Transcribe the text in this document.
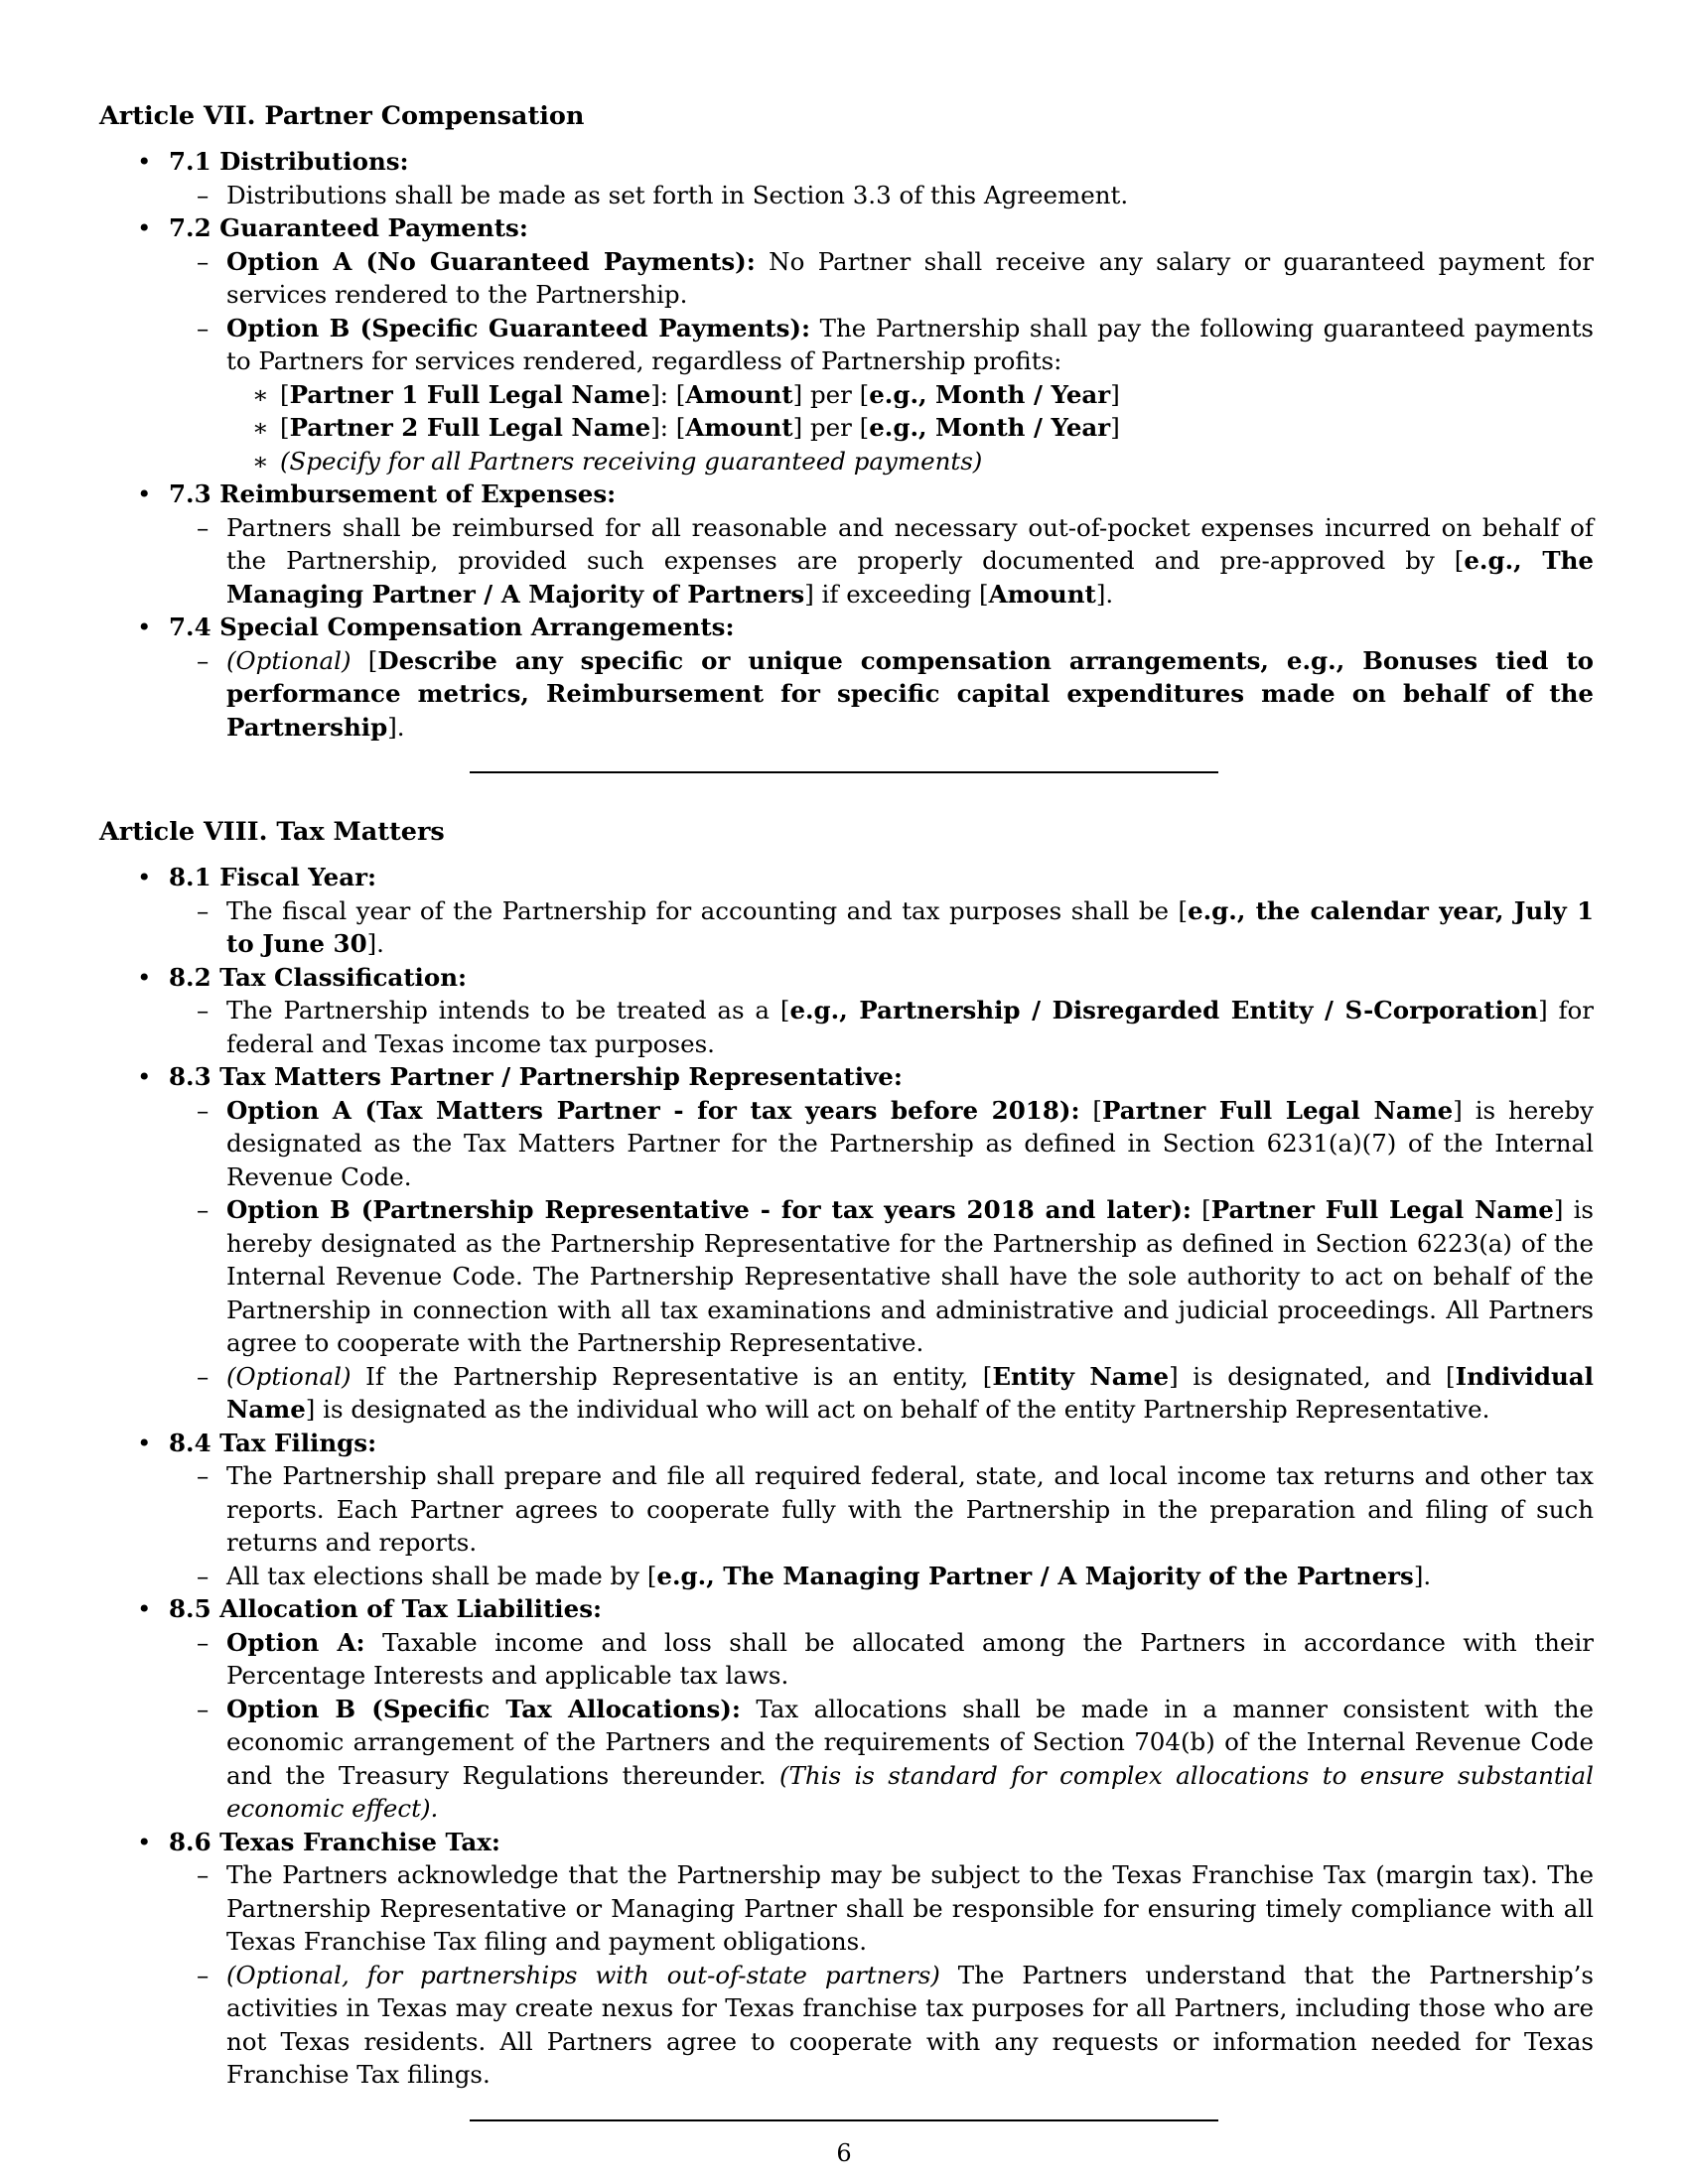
Article VII. Partner Compensation
• 7.1 Distributions:
– Distributions shall be made as set forth in Section 3.3 of this Agreement.
• 7.2 Guaranteed Payments:
– Option A (No Guaranteed Payments): No Partner shall receive any salary or guaranteed payment for services rendered to the Partnership.
– Option B (Specific Guaranteed Payments): The Partnership shall pay the following guaranteed payments to Partners for services rendered, regardless of Partnership profits:
∗ [Partner 1 Full Legal Name]: [Amount] per [e.g., Month / Year]
∗ [Partner 2 Full Legal Name]: [Amount] per [e.g., Month / Year]
∗ (Specify for all Partners receiving guaranteed payments)
• 7.3 Reimbursement of Expenses:
– Partners shall be reimbursed for all reasonable and necessary out-of-pocket expenses incurred on behalf of the Partnership, provided such expenses are properly documented and pre-approved by [e.g., The Managing Partner / A Majority of Partners] if exceeding [Amount].
• 7.4 Special Compensation Arrangements:
– (Optional) [Describe any specific or unique compensation arrangements, e.g., Bonuses tied to performance metrics, Reimbursement for specific capital expenditures made on behalf of the Partnership].
Article VIII. Tax Matters
• 8.1 Fiscal Year:
– The fiscal year of the Partnership for accounting and tax purposes shall be [e.g., the calendar year, July 1 to June 30].
• 8.2 Tax Classification:
– The Partnership intends to be treated as a [e.g., Partnership / Disregarded Entity / S-Corporation] for federal and Texas income tax purposes.
• 8.3 Tax Matters Partner / Partnership Representative:
– Option A (Tax Matters Partner - for tax years before 2018): [Partner Full Legal Name] is hereby designated as the Tax Matters Partner for the Partnership as defined in Section 6231(a)(7) of the Internal Revenue Code.
– Option B (Partnership Representative - for tax years 2018 and later): [Partner Full Legal Name] is hereby designated as the Partnership Representative for the Partnership as defined in Section 6223(a) of the Internal Revenue Code. The Partnership Representative shall have the sole authority to act on behalf of the Partnership in connection with all tax examinations and administrative and judicial proceedings. All Partners agree to cooperate with the Partnership Representative.
– (Optional) If the Partnership Representative is an entity, [Entity Name] is designated, and [Individual Name] is designated as the individual who will act on behalf of the entity Partnership Representative.
• 8.4 Tax Filings:
– The Partnership shall prepare and file all required federal, state, and local income tax returns and other tax reports. Each Partner agrees to cooperate fully with the Partnership in the preparation and filing of such returns and reports.
– All tax elections shall be made by [e.g., The Managing Partner / A Majority of the Partners].
• 8.5 Allocation of Tax Liabilities:
– Option A: Taxable income and loss shall be allocated among the Partners in accordance with their Percentage Interests and applicable tax laws.
– Option B (Specific Tax Allocations): Tax allocations shall be made in a manner consistent with the economic arrangement of the Partners and the requirements of Section 704(b) of the Internal Revenue Code and the Treasury Regulations thereunder. (This is standard for complex allocations to ensure substantial economic effect).
• 8.6 Texas Franchise Tax:
– The Partners acknowledge that the Partnership may be subject to the Texas Franchise Tax (margin tax). The Partnership Representative or Managing Partner shall be responsible for ensuring timely compliance with all Texas Franchise Tax filing and payment obligations.
– (Optional, for partnerships with out-of-state partners) The Partners understand that the Partnership’s activities in Texas may create nexus for Texas franchise tax purposes for all Partners, including those who are not Texas residents. All Partners agree to cooperate with any requests or information needed for Texas Franchise Tax filings.
6
